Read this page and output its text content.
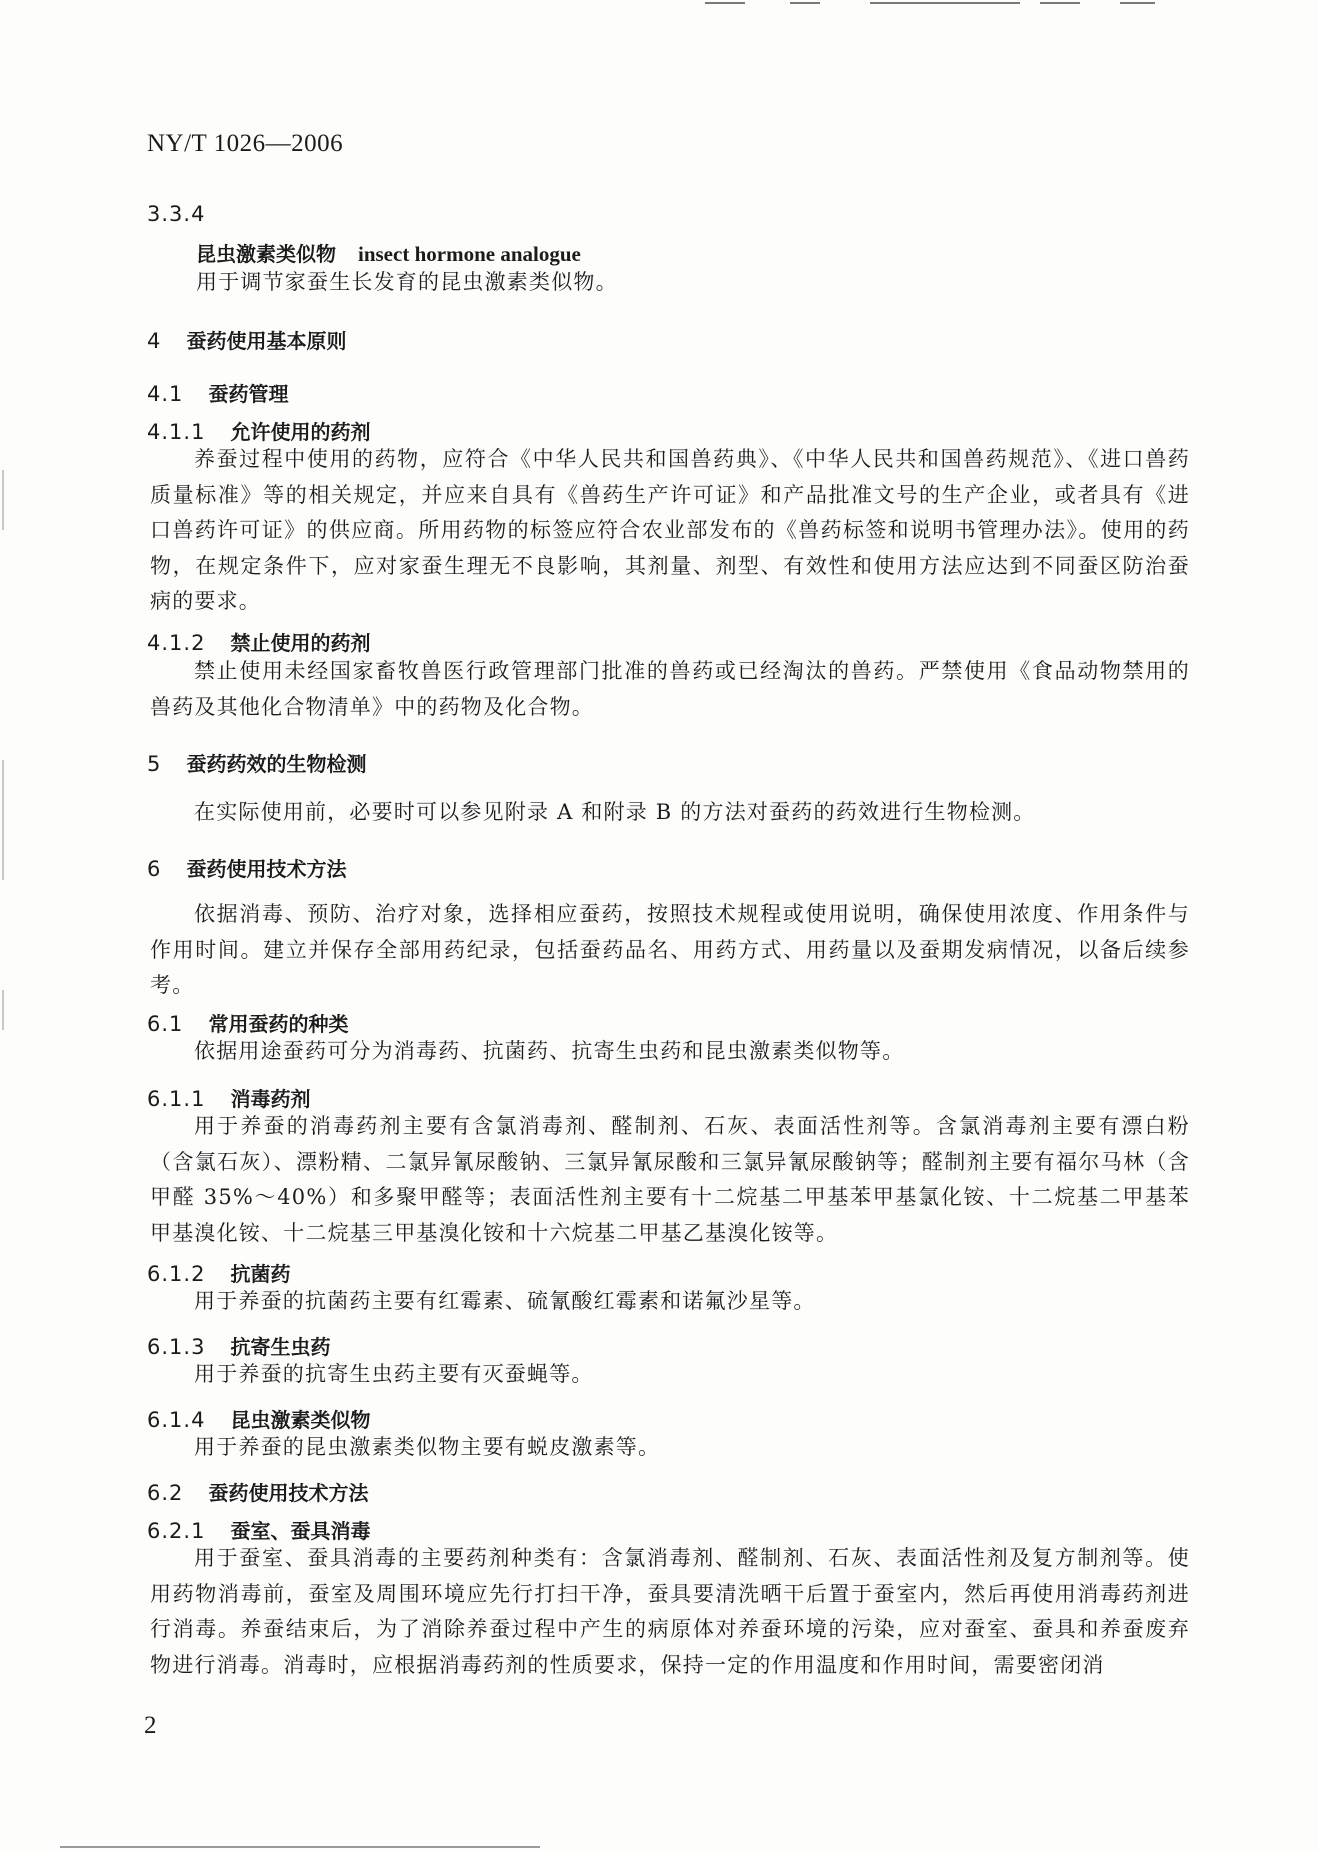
NY/T 1026—2006
3.3.4
昆虫激素类似物 insect hormone analogue
用于调节家蚕生长发育的昆虫激素类似物。
4 蚕药使用基本原则
4.1 蚕药管理
4.1.1 允许使用的药剂

养蚕过程中使用的药物，应符合《中华人民共和国兽药典》、《中华人民共和国兽药规范》、《进口兽药质量标准》等的相关规定，并应来自具有《兽药生产许可证》和产品批准文号的生产企业，或者具有《进口兽药许可证》的供应商。所用药物的标签应符合农业部发布的《兽药标签和说明书管理办法》。使用的药物，在规定条件下，应对家蚕生理无不良影响，其剂量、剂型、有效性和使用方法应达到不同蚕区防治蚕病的要求。

4.1.2 禁止使用的药剂

禁止使用未经国家畜牧兽医行政管理部门批准的兽药或已经淘汰的兽药。严禁使用《食品动物禁用的兽药及其他化合物清单》中的药物及化合物。

5 蚕药药效的生物检测

在实际使用前，必要时可以参见附录 A 和附录 B 的方法对蚕药的药效进行生物检测。

6 蚕药使用技术方法

依据消毒、预防、治疗对象，选择相应蚕药，按照技术规程或使用说明，确保使用浓度、作用条件与作用时间。建立并保存全部用药纪录，包括蚕药品名、用药方式、用药量以及蚕期发病情况，以备后续参考。

6.1 常用蚕药的种类

依据用途蚕药可分为消毒药、抗菌药、抗寄生虫药和昆虫激素类似物等。

6.1.1 消毒药剂

用于养蚕的消毒药剂主要有含氯消毒剂、醛制剂、石灰、表面活性剂等。含氯消毒剂主要有漂白粉（含氯石灰）、漂粉精、二氯异氰尿酸钠、三氯异氰尿酸和三氯异氰尿酸钠等；醛制剂主要有福尔马林（含甲醛 35%～40%）和多聚甲醛等；表面活性剂主要有十二烷基二甲基苯甲基氯化铵、十二烷基二甲基苯甲基溴化铵、十二烷基三甲基溴化铵和十六烷基二甲基乙基溴化铵等。

6.1.2 抗菌药

用于养蚕的抗菌药主要有红霉素、硫氰酸红霉素和诺氟沙星等。

6.1.3 抗寄生虫药

用于养蚕的抗寄生虫药主要有灭蚕蝇等。

6.1.4 昆虫激素类似物

用于养蚕的昆虫激素类似物主要有蜕皮激素等。

6.2 蚕药使用技术方法
6.2.1 蚕室、蚕具消毒

用于蚕室、蚕具消毒的主要药剂种类有：含氯消毒剂、醛制剂、石灰、表面活性剂及复方制剂等。使用药物消毒前，蚕室及周围环境应先行打扫干净，蚕具要清洗晒干后置于蚕室内，然后再使用消毒药剂进行消毒。养蚕结束后，为了消除养蚕过程中产生的病原体对养蚕环境的污染，应对蚕室、蚕具和养蚕废弃物进行消毒。消毒时，应根据消毒药剂的性质要求，保持一定的作用温度和作用时间，需要密闭消

2
